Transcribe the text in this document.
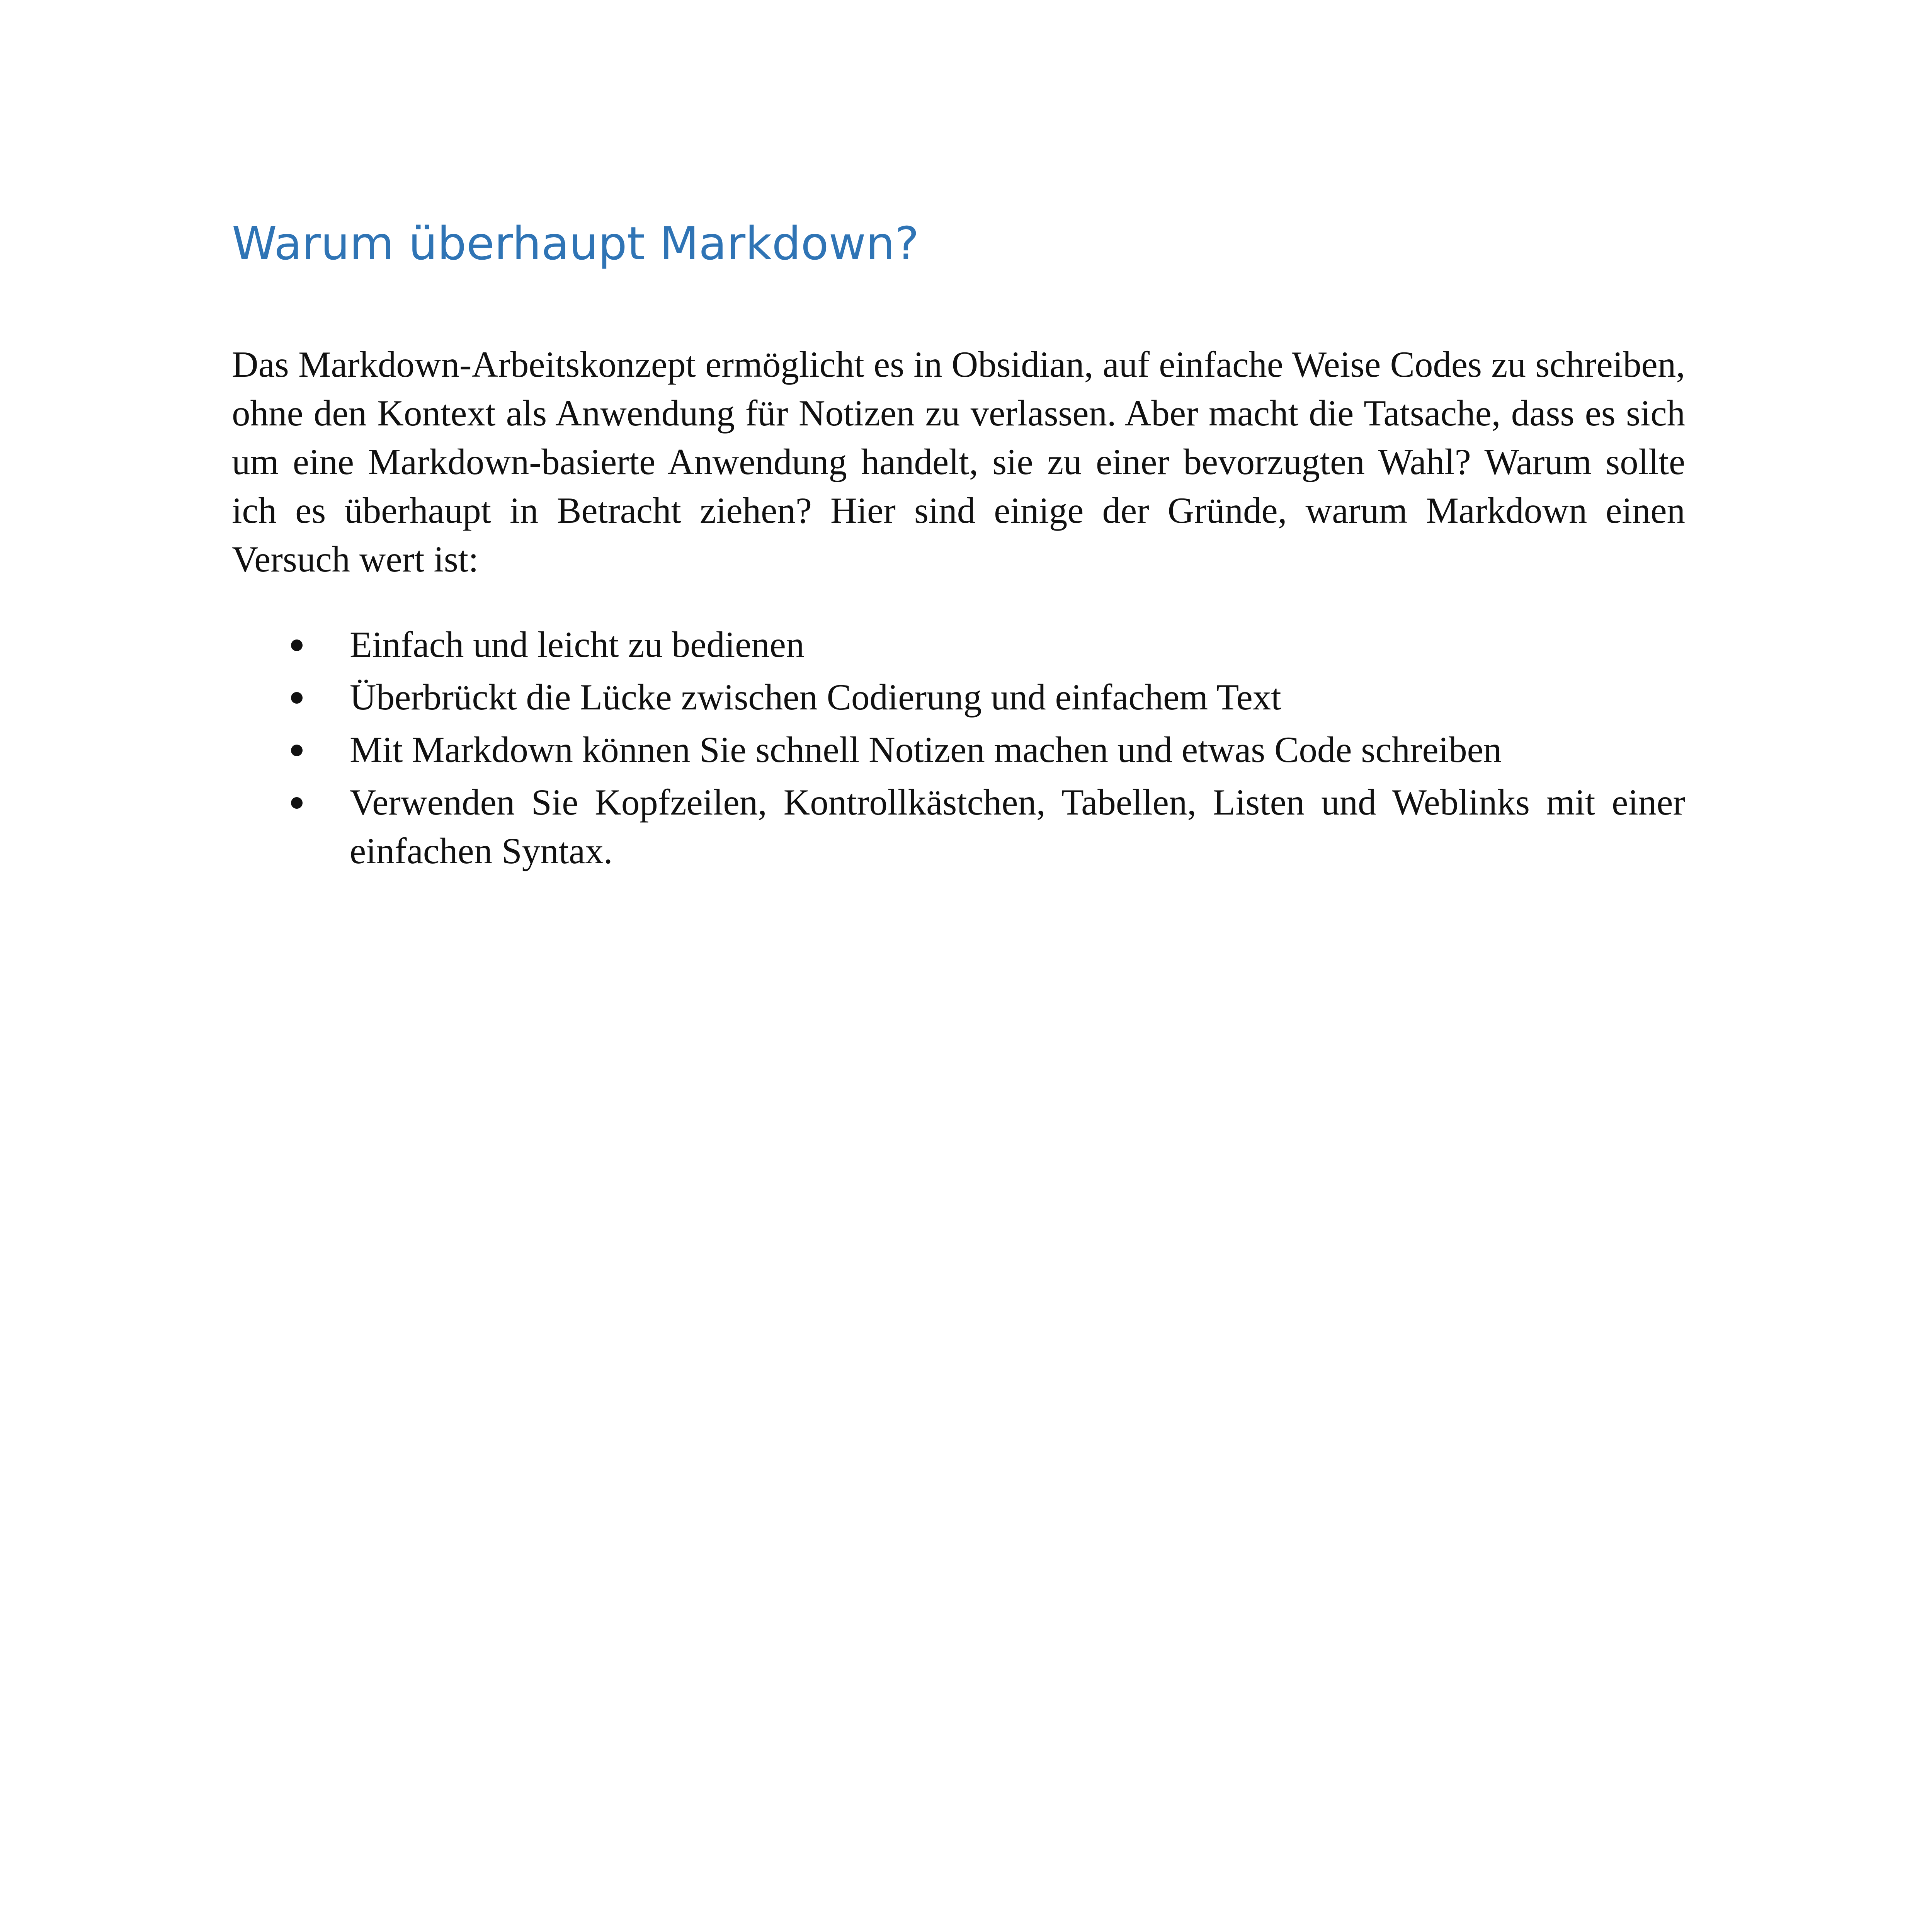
Warum überhaupt Markdown?

Das Markdown-Arbeitskonzept ermöglicht es in Obsidian, auf einfache Weise Codes zu schreiben, ohne den Kontext als Anwendung für Notizen zu verlassen. Aber macht die Tatsache, dass es sich um eine Markdown-basierte Anwendung handelt, sie zu einer bevorzugten Wahl? Warum sollte ich es überhaupt in Betracht ziehen? Hier sind einige der Gründe, warum Markdown einen Versuch wert ist:

Einfach und leicht zu bedienen
Überbrückt die Lücke zwischen Codierung und einfachem Text
Mit Markdown können Sie schnell Notizen machen und etwas Code schreiben
Verwenden Sie Kopfzeilen, Kontrollkästchen, Tabellen, Listen und Weblinks mit einer einfachen Syntax.
